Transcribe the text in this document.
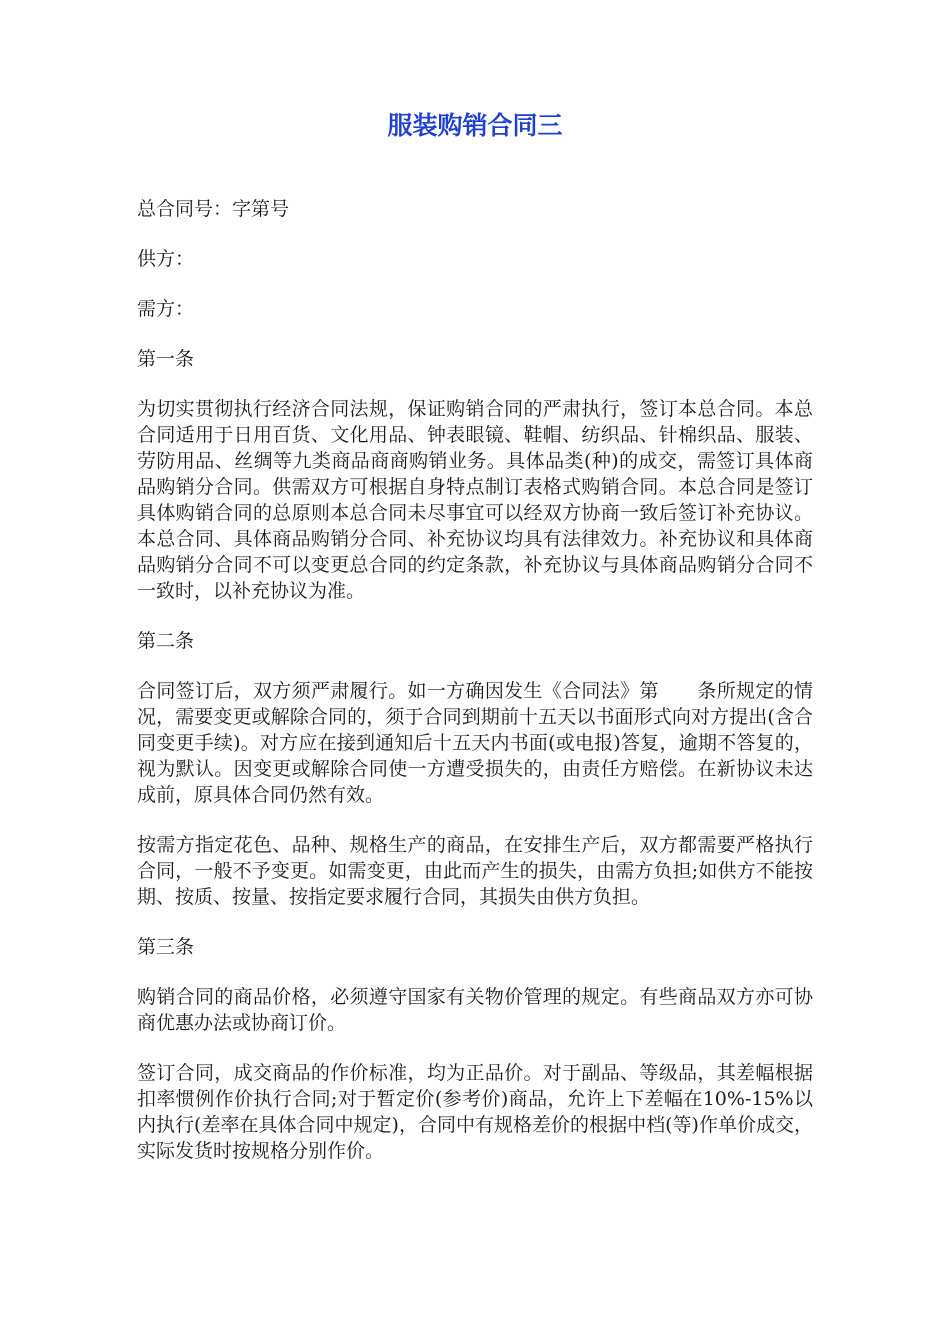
服装购销合同三

总合同号：字第号

供方：

需方：

第一条

为切实贯彻执行经济合同法规，保证购销合同的严肃执行，签订本总合同。本总合同适用于日用百货、文化用品、钟表眼镜、鞋帽、纺织品、针棉织品、服装、劳防用品、丝绸等九类商品商商购销业务。具体品类(种)的成交，需签订具体商品购销分合同。供需双方可根据自身特点制订表格式购销合同。本总合同是签订具体购销合同的总原则本总合同未尽事宜可以经双方协商一致后签订补充协议。本总合同、具体商品购销分合同、补充协议均具有法律效力。补充协议和具体商品购销分合同不可以变更总合同的约定条款，补充协议与具体商品购销分合同不一致时，以补充协议为准。

第二条

合同签订后，双方须严肃履行。如一方确因发生《合同法》第　　条所规定的情况，需要变更或解除合同的，须于合同到期前十五天以书面形式向对方提出(含合同变更手续)。对方应在接到通知后十五天内书面(或电报)答复，逾期不答复的，视为默认。因变更或解除合同使一方遭受损失的，由责任方赔偿。在新协议未达成前，原具体合同仍然有效。

按需方指定花色、品种、规格生产的商品，在安排生产后，双方都需要严格执行合同，一般不予变更。如需变更，由此而产生的损失，由需方负担;如供方不能按期、按质、按量、按指定要求履行合同，其损失由供方负担。

第三条

购销合同的商品价格，必须遵守国家有关物价管理的规定。有些商品双方亦可协商优惠办法或协商订价。

签订合同，成交商品的作价标准，均为正品价。对于副品、等级品，其差幅根据扣率惯例作价执行合同;对于暂定价(参考价)商品，允许上下差幅在10%-15%以内执行(差率在具体合同中规定)，合同中有规格差价的根据中档(等)作单价成交，实际发货时按规格分别作价。
